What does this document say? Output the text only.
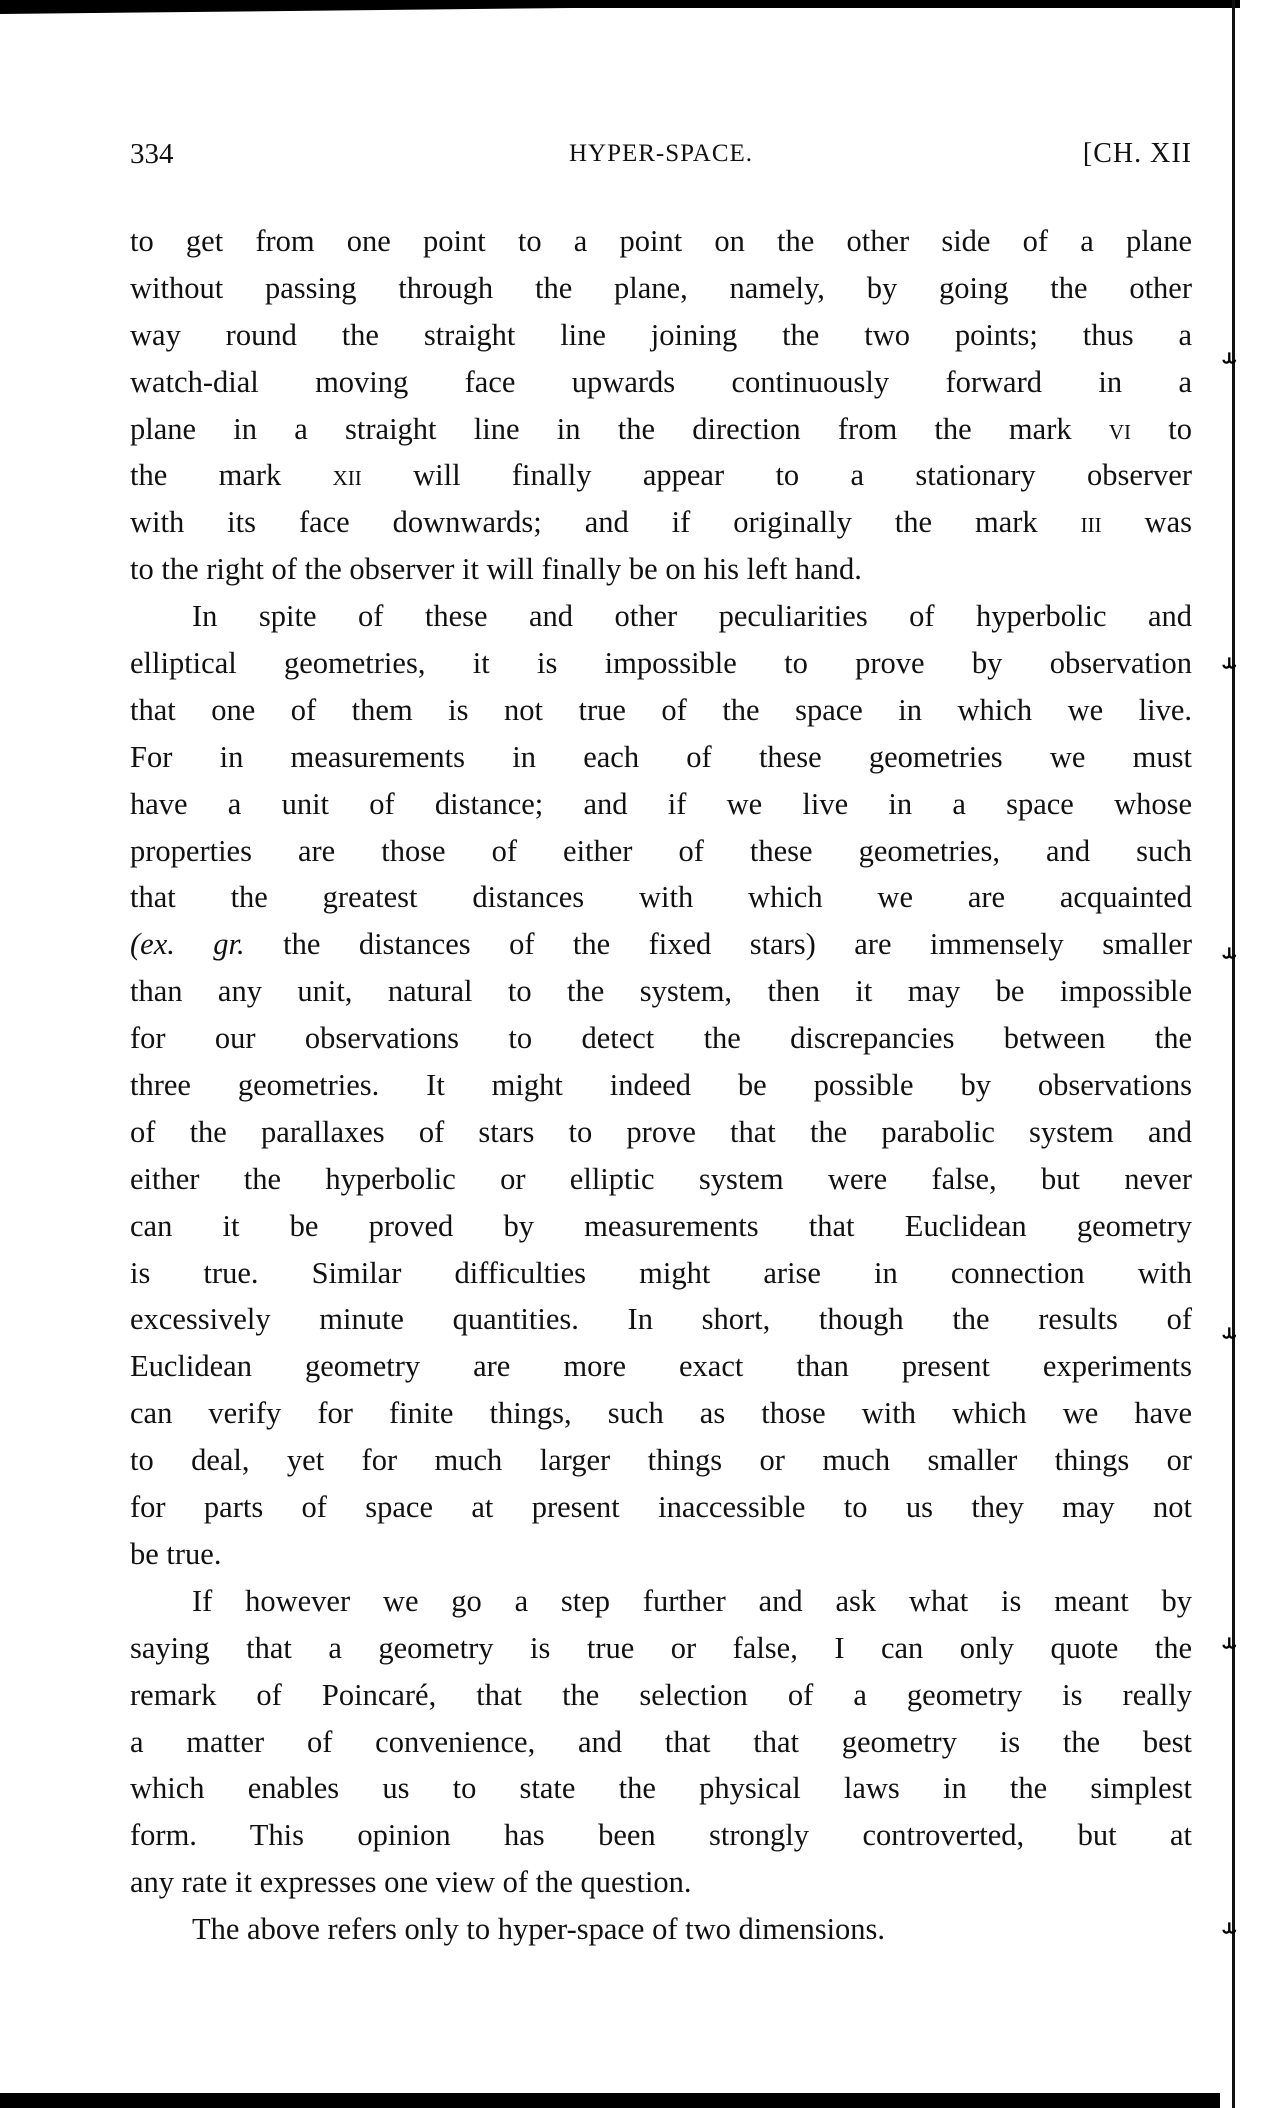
⥿
⥿
⥿
⥿
⥿
⥿
334	HYPER-SPACE.	[CH. XII
to get from one point to a point on the other side of a plane
without passing through the plane, namely, by going the other
way round the straight line joining the two points; thus a
watch-dial moving face upwards continuously forward in a
plane in a straight line in the direction from the mark vi to
the mark xii will finally appear to a stationary observer
with its face downwards; and if originally the mark iii was
to the right of the observer it will finally be on his left hand.
In spite of these and other peculiarities of hyperbolic and
elliptical geometries, it is impossible to prove by observation
that one of them is not true of the space in which we live.
For in measurements in each of these geometries we must
have a unit of distance; and if we live in a space whose
properties are those of either of these geometries, and such
that the greatest distances with which we are acquainted
(ex. gr. the distances of the fixed stars) are immensely smaller
than any unit, natural to the system, then it may be impossible
for our observations to detect the discrepancies between the
three geometries. It might indeed be possible by observations
of the parallaxes of stars to prove that the parabolic system and
either the hyperbolic or elliptic system were false, but never
can it be proved by measurements that Euclidean geometry
is true. Similar difficulties might arise in connection with
excessively minute quantities. In short, though the results of
Euclidean geometry are more exact than present experiments
can verify for finite things, such as those with which we have
to deal, yet for much larger things or much smaller things or
for parts of space at present inaccessible to us they may not
be true.
If however we go a step further and ask what is meant by
saying that a geometry is true or false, I can only quote the
remark of Poincaré, that the selection of a geometry is really
a matter of convenience, and that that geometry is the best
which enables us to state the physical laws in the simplest
form. This opinion has been strongly controverted, but at
any rate it expresses one view of the question.
The above refers only to hyper-space of two dimensions.
